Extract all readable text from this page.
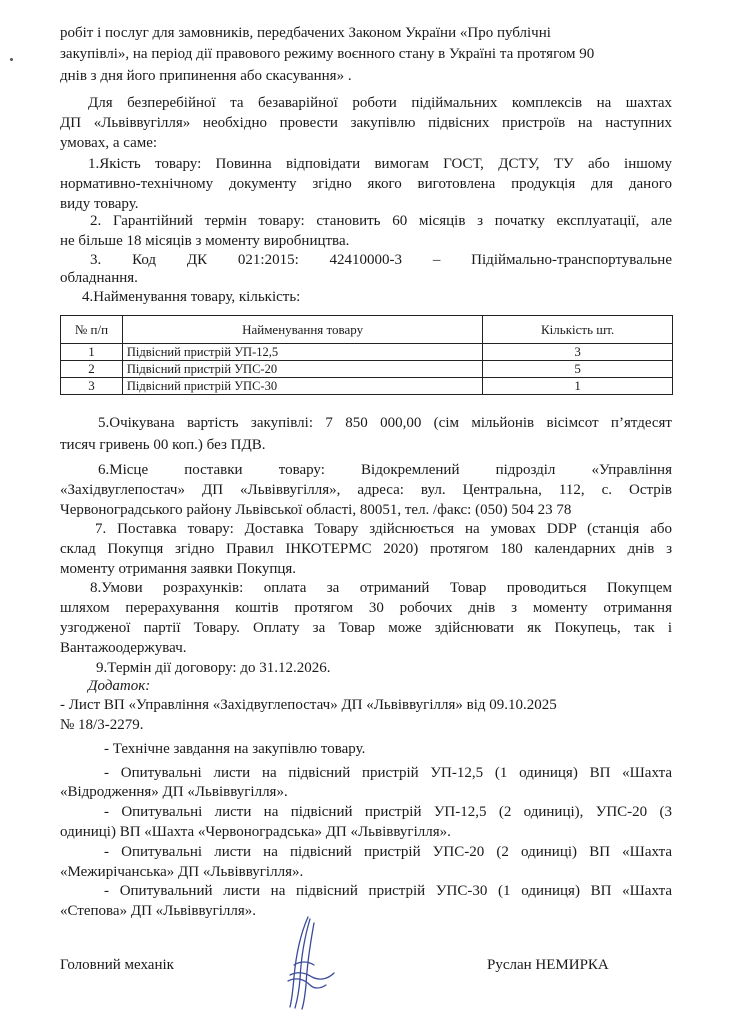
робіт і послуг для замовників, передбачених Законом України «Про публічні
закупівлі», на період дії правового режиму воєнного стану в Україні та протягом 90
днів з дня його припинення або скасування» .
Для безперебійної та безаварійної роботи підіймальних комплексів на шахтах
ДП «Львіввугілля» необхідно провести закупівлю підвісних пристроїв на наступних
умовах, а саме:
1.Якість товару: Повинна відповідати вимогам ГОСТ, ДСТУ, ТУ або іншому
нормативно-технічному документу згідно якого виготовлена продукція для даного
виду товару.
2. Гарантійний термін товару: становить 60 місяців з початку експлуатації, але
не більше 18 місяців з моменту виробництва.
3. Код ДК 021:2015: 42410000-3 – Підіймально-транспортувальне
обладнання.
4.Найменування товару, кількість:
№ п/п	Найменування товару	Кількість шт.
1	Підвісний пристрій УП-12,5	3
2	Підвісний пристрій УПС-20	5
3	Підвісний пристрій УПС-30	1
5.Очікувана вартість закупівлі: 7 850 000,00 (сім мільйонів вісімсот п’ятдесят
тисяч гривень 00 коп.) без ПДВ.
6.Місце поставки товару: Відокремлений підрозділ «Управління
«Західвуглепостач» ДП «Львіввугілля», адреса: вул. Центральна, 112, с. Острів
Червоноградського району Львівської області, 80051, тел. /факс: (050) 504 23 78
7. Поставка товару: Доставка Товару здійснюється на умовах DDP (станція або
склад Покупця згідно Правил ІНКОТЕРМС 2020) протягом 180 календарних днів з
моменту отримання заявки Покупця.
8.Умови розрахунків: оплата за отриманий Товар проводиться Покупцем
шляхом перерахування коштів протягом 30 робочих днів з моменту отримання
узгодженої партії Товару. Оплату за Товар може здійснювати як Покупець, так і
Вантажоодержувач.
9.Термін дії договору: до 31.12.2026.
Додаток:
- Лист ВП «Управління «Західвуглепостач» ДП «Львіввугілля» від 09.10.2025
№ 18/3-2279.
- Технічне завдання на закупівлю товару.
- Опитувальні листи на підвісний пристрій УП-12,5 (1 одиниця) ВП «Шахта
«Відродження» ДП «Львіввугілля».
- Опитувальні листи на підвісний пристрій УП-12,5 (2 одиниці), УПС-20 (3
одиниці) ВП «Шахта «Червоноградська» ДП «Львіввугілля».
- Опитувальні листи на підвісний пристрій УПС-20 (2 одиниці) ВП «Шахта
«Межирічанська» ДП «Львіввугілля».
- Опитувальний листи на підвісний пристрій УПС-30 (1 одиниця) ВП «Шахта
«Степова» ДП «Львіввугілля».
Головний механік	Руслан НЕМИРКА
